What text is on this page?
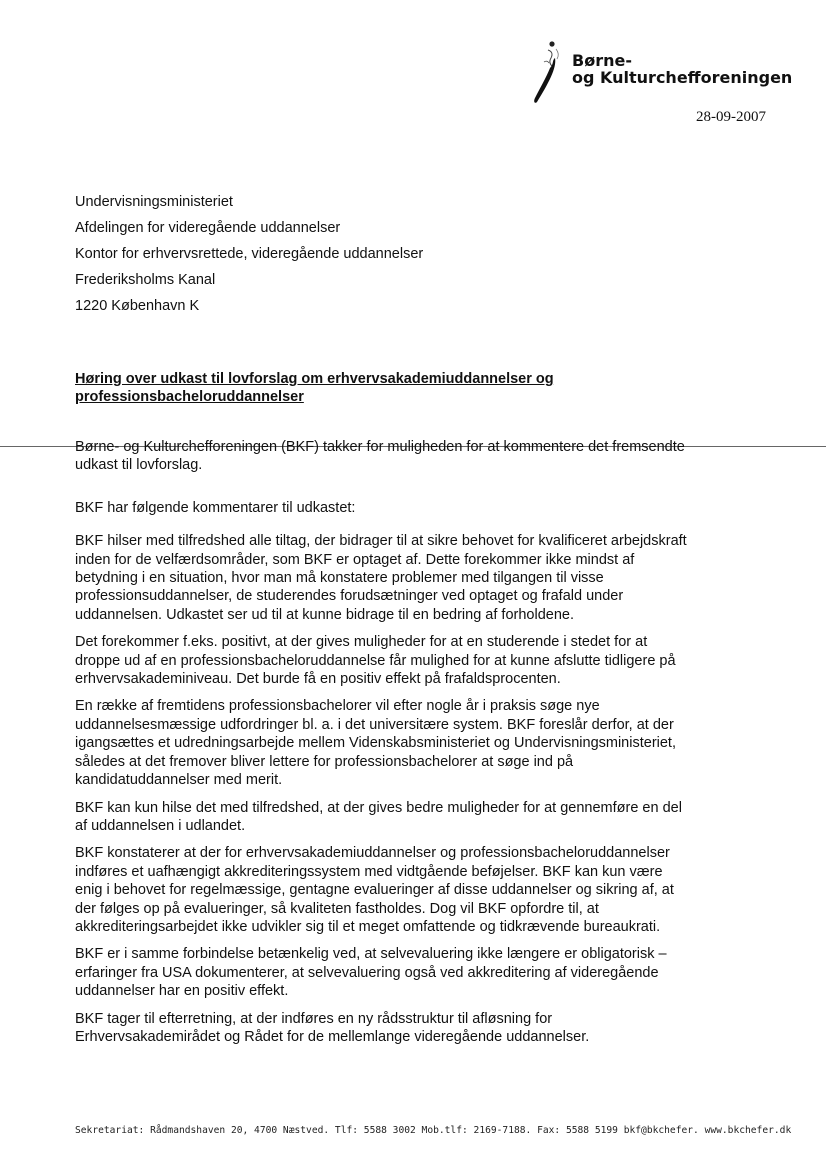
Børne-
og Kulturchefforeningen
28-09-2007
Undervisningsministeriet
Afdelingen for videregående uddannelser
Kontor for erhvervsrettede, videregående uddannelser
Frederiksholms Kanal
1220 København K
Høring over udkast til lovforslag om erhvervsakademiuddannelser og professionsbacheloruddannelser

Børne- og Kulturchefforeningen (BKF) takker for muligheden for at kommentere det fremsendte udkast til lovforslag.

BKF har følgende kommentarer til udkastet:

BKF hilser med tilfredshed alle tiltag, der bidrager til at sikre behovet for kvalificeret arbejdskraft inden for de velfærdsområder, som BKF er optaget af. Dette forekommer ikke mindst af betydning i en situation, hvor man må konstatere problemer med tilgangen til visse professionsuddannelser, de studerendes forudsætninger ved optaget og frafald under uddannelsen. Udkastet ser ud til at kunne bidrage til en bedring af forholdene.

Det forekommer f.eks. positivt, at der gives muligheder for at en studerende i stedet for at droppe ud af en professionsbacheloruddannelse får mulighed for at kunne afslutte tidligere på erhvervsakademiniveau. Det burde få en positiv effekt på frafaldsprocenten.

En række af fremtidens professionsbachelorer vil efter nogle år i praksis søge nye uddannelsesmæssige udfordringer bl. a. i det universitære system. BKF foreslår derfor, at der igangsættes et udredningsarbejde mellem Videnskabsministeriet og Undervisningsministeriet, således at det fremover bliver lettere for professionsbachelorer at søge ind på kandidatuddannelser med merit.

BKF kan kun hilse det med tilfredshed, at der gives bedre muligheder for at gennemføre en del af uddannelsen i udlandet.

BKF konstaterer at der for erhvervsakademiuddannelser og professionsbacheloruddannelser indføres et uafhængigt akkrediteringssystem med vidtgående beføjelser. BKF kan kun være enig i behovet for regelmæssige, gentagne evalueringer af disse uddannelser og sikring af, at der følges op på evalueringer, så kvaliteten fastholdes. Dog vil BKF opfordre til, at akkrediteringsarbejdet ikke udvikler sig til et meget omfattende og tidkrævende bureaukrati.

BKF er i samme forbindelse betænkelig ved, at selvevaluering ikke længere er obligatorisk – erfaringer fra USA dokumenterer, at selvevaluering også ved akkreditering af videregående uddannelser har en positiv effekt.

BKF tager til efterretning, at der indføres en ny rådsstruktur til afløsning for Erhvervsakademirådet og Rådet for de mellemlange videregående uddannelser.

Sekretariat: Rådmandshaven 20, 4700 Næstved. Tlf: 5588 3002 Mob.tlf: 2169-7188. Fax: 5588 5199 bkf@bkchefer. www.bkchefer.dk
